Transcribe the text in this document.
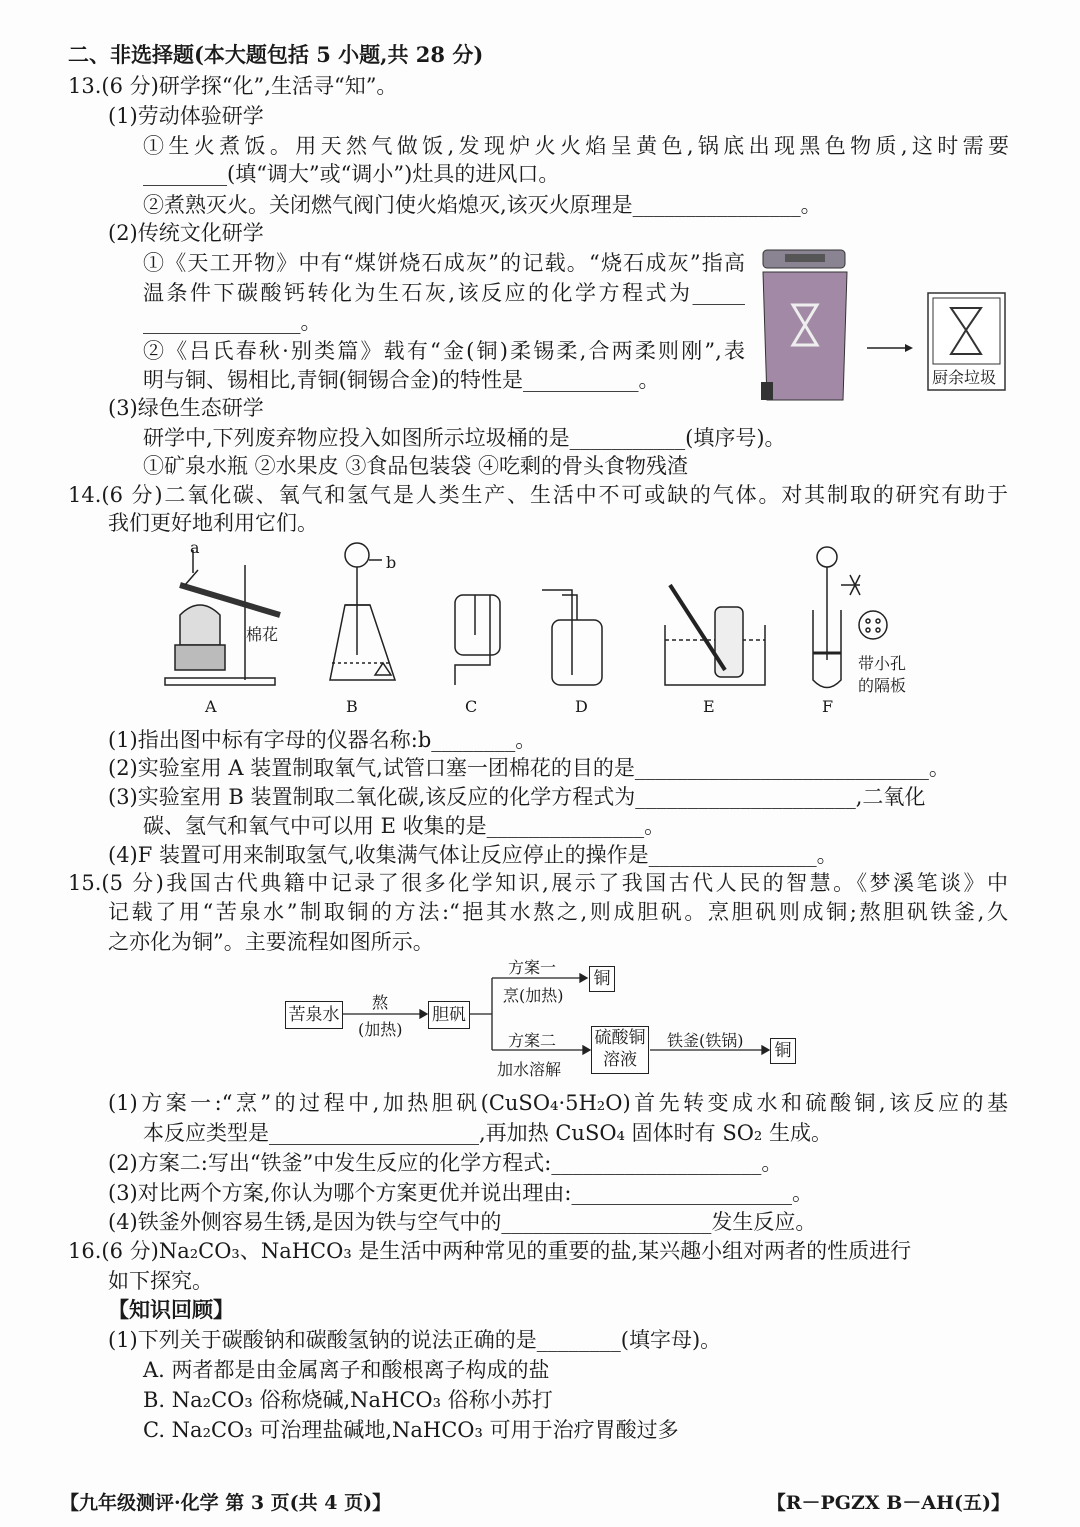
二、非选择题(本大题包括 5 小题,共 28 分)
13.(6 分)研学探“化”,生活寻“知”。
(1)劳动体验研学
①生火煮饭。用天然气做饭,发现炉火火焰呈黄色,锅底出现黑色物质,这时需要
________(填“调大”或“调小”)灶具的进风口。
②煮熟灭火。关闭燃气阀门使火焰熄灭,该灭火原理是________________。
(2)传统文化研学
①《天工开物》中有“煤饼烧石成灰”的记载。“烧石成灰”指高
温条件下碳酸钙转化为生石灰,该反应的化学方程式为_____
_______________。
②《吕氏春秋·别类篇》载有“金(铜)柔锡柔,合两柔则刚”,表
明与铜、锡相比,青铜(铜锡合金)的特性是___________。
(3)绿色生态研学
研学中,下列废弃物应投入如图所示垃圾桶的是___________(填序号)。
①矿泉水瓶 ②水果皮 ③食品包装袋 ④吃剩的骨头食物残渣
厨余垃圾
14.(6 分)二氧化碳、氧气和氢气是人类生产、生活中不可或缺的气体。对其制取的研究有助于
我们更好地利用它们。
a
b
棉花
带小孔
的隔板
A	B	C	D	E	F
(1)指出图中标有字母的仪器名称:b________。
(2)实验室用 A 装置制取氧气,试管口塞一团棉花的目的是____________________________。
(3)实验室用 B 装置制取二氧化碳,该反应的化学方程式为_____________________,二氧化
碳、氢气和氧气中可以用 E 收集的是_______________。
(4)F 装置可用来制取氢气,收集满气体让反应停止的操作是________________。
15.(5 分)我国古代典籍中记录了很多化学知识,展示了我国古代人民的智慧。《梦溪笔谈》中
记载了用“苦泉水”制取铜的方法:“挹其水熬之,则成胆矾。烹胆矾则成铜;熬胆矾铁釜,久
之亦化为铜”。主要流程如图所示。
苦泉水
熬
(加热)
胆矾
方案一
烹(加热)
铜
方案二
加水溶解
硫酸铜溶液
铁釜(铁锅)
铜
(1)方案一:“烹”的过程中,加热胆矾(CuSO₄·5H₂O)首先转变成水和硫酸铜,该反应的基
本反应类型是____________________,再加热 CuSO₄ 固体时有 SO₂ 生成。
(2)方案二:写出“铁釜”中发生反应的化学方程式:____________________。
(3)对比两个方案,你认为哪个方案更优并说出理由:_____________________。
(4)铁釜外侧容易生锈,是因为铁与空气中的____________________发生反应。
16.(6 分)Na₂CO₃、NaHCO₃ 是生活中两种常见的重要的盐,某兴趣小组对两者的性质进行
如下探究。
【知识回顾】
(1)下列关于碳酸钠和碳酸氢钠的说法正确的是________(填字母)。
A. 两者都是由金属离子和酸根离子构成的盐
B. Na₂CO₃ 俗称烧碱,NaHCO₃ 俗称小苏打
C. Na₂CO₃ 可治理盐碱地,NaHCO₃ 可用于治疗胃酸过多
【九年级测评·化学 第 3 页(共 4 页)】	【R－PGZX B－AH(五)】
